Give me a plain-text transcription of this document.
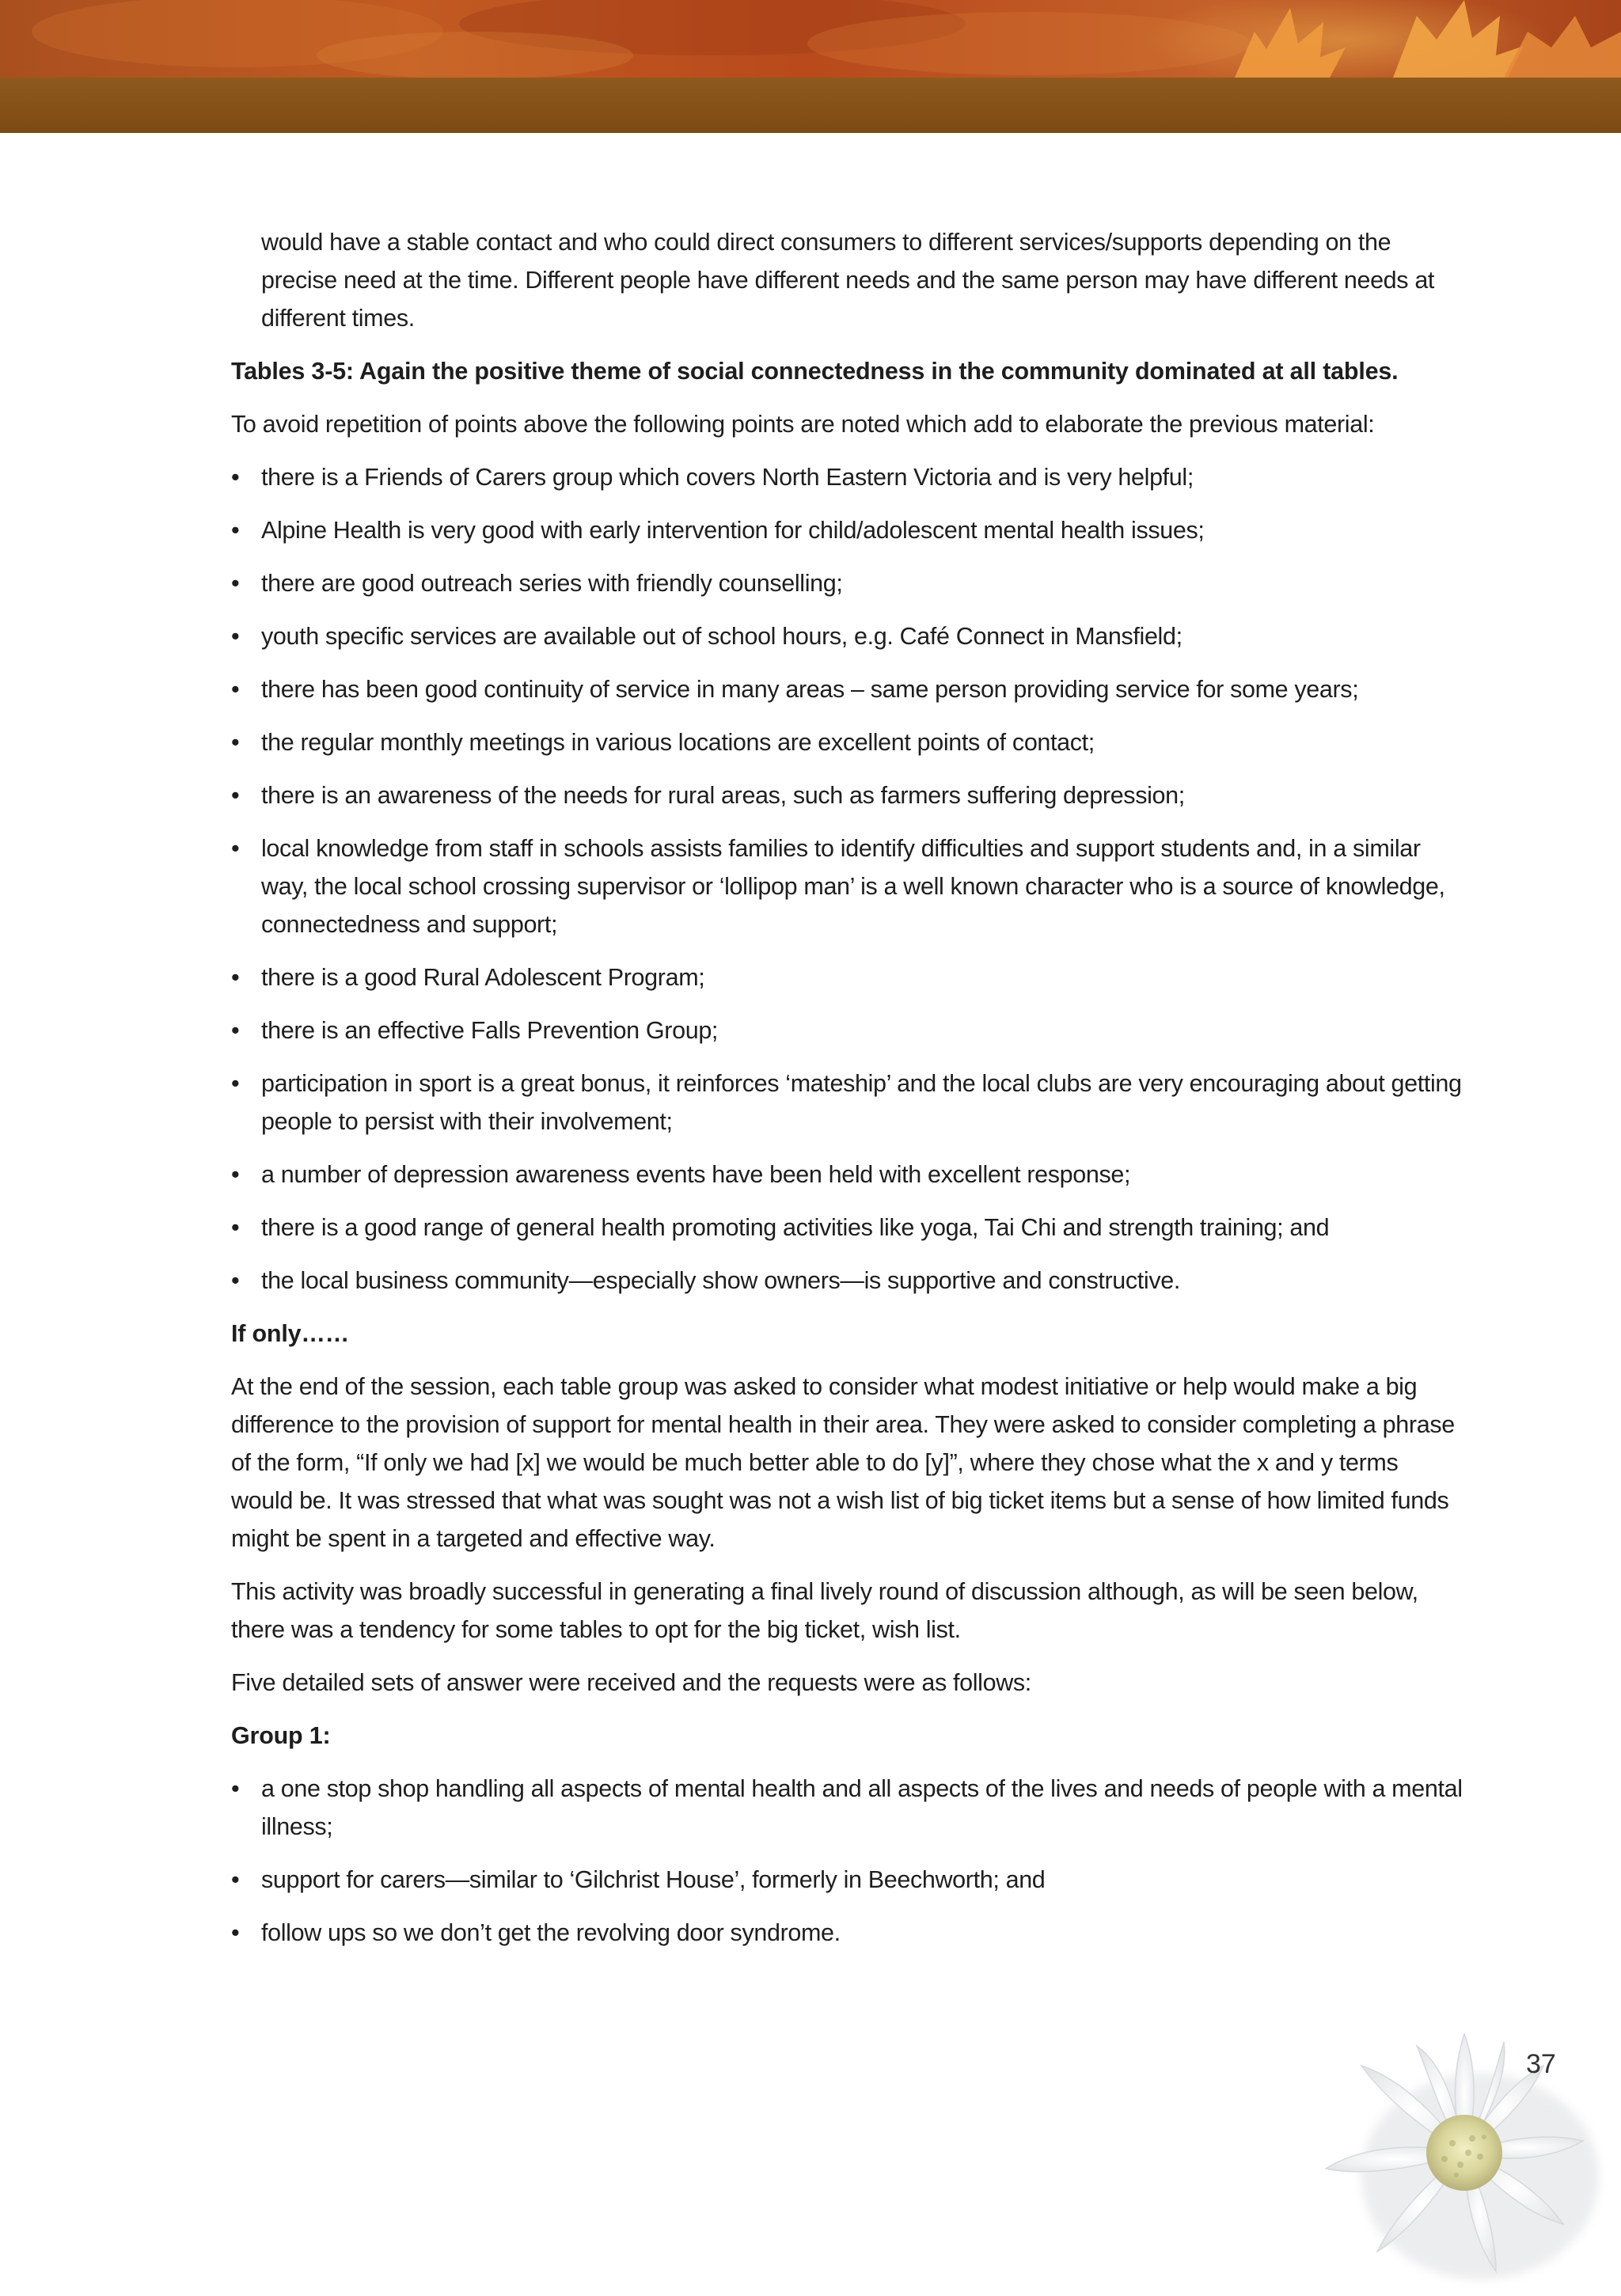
would have a stable contact and who could direct consumers to different services/supports depending on the precise need at the time. Different people have different needs and the same person may have different needs at different times.

Tables 3-5: Again the positive theme of social connectedness in the community dominated at all tables.

To avoid repetition of points above the following points are noted which add to elaborate the previous material:

• there is a Friends of Carers group which covers North Eastern Victoria and is very helpful;
• Alpine Health is very good with early intervention for child/adolescent mental health issues;
• there are good outreach series with friendly counselling;
• youth specific services are available out of school hours, e.g. Café Connect in Mansfield;
• there has been good continuity of service in many areas – same person providing service for some years;
• the regular monthly meetings in various locations are excellent points of contact;
• there is an awareness of the needs for rural areas, such as farmers suffering depression;
• local knowledge from staff in schools assists families to identify difficulties and support students and, in a similar way, the local school crossing supervisor or ‘lollipop man’ is a well known character who is a source of knowledge, connectedness and support;
• there is a good Rural Adolescent Program;
• there is an effective Falls Prevention Group;
• participation in sport is a great bonus, it reinforces ‘mateship’ and the local clubs are very encouraging about getting people to persist with their involvement;
• a number of depression awareness events have been held with excellent response;
• there is a good range of general health promoting activities like yoga, Tai Chi and strength training; and
• the local business community—especially show owners—is supportive and constructive.

If only……

At the end of the session, each table group was asked to consider what modest initiative or help would make a big difference to the provision of support for mental health in their area. They were asked to consider completing a phrase of the form, “If only we had [x] we would be much better able to do [y]”, where they chose what the x and y terms would be. It was stressed that what was sought was not a wish list of big ticket items but a sense of how limited funds might be spent in a targeted and effective way.

This activity was broadly successful in generating a final lively round of discussion although, as will be seen below, there was a tendency for some tables to opt for the big ticket, wish list.

Five detailed sets of answer were received and the requests were as follows:

Group 1:

• a one stop shop handling all aspects of mental health and all aspects of the lives and needs of people with a mental illness;
• support for carers—similar to ‘Gilchrist House’, formerly in Beechworth; and
• follow ups so we don’t get the revolving door syndrome.
37
